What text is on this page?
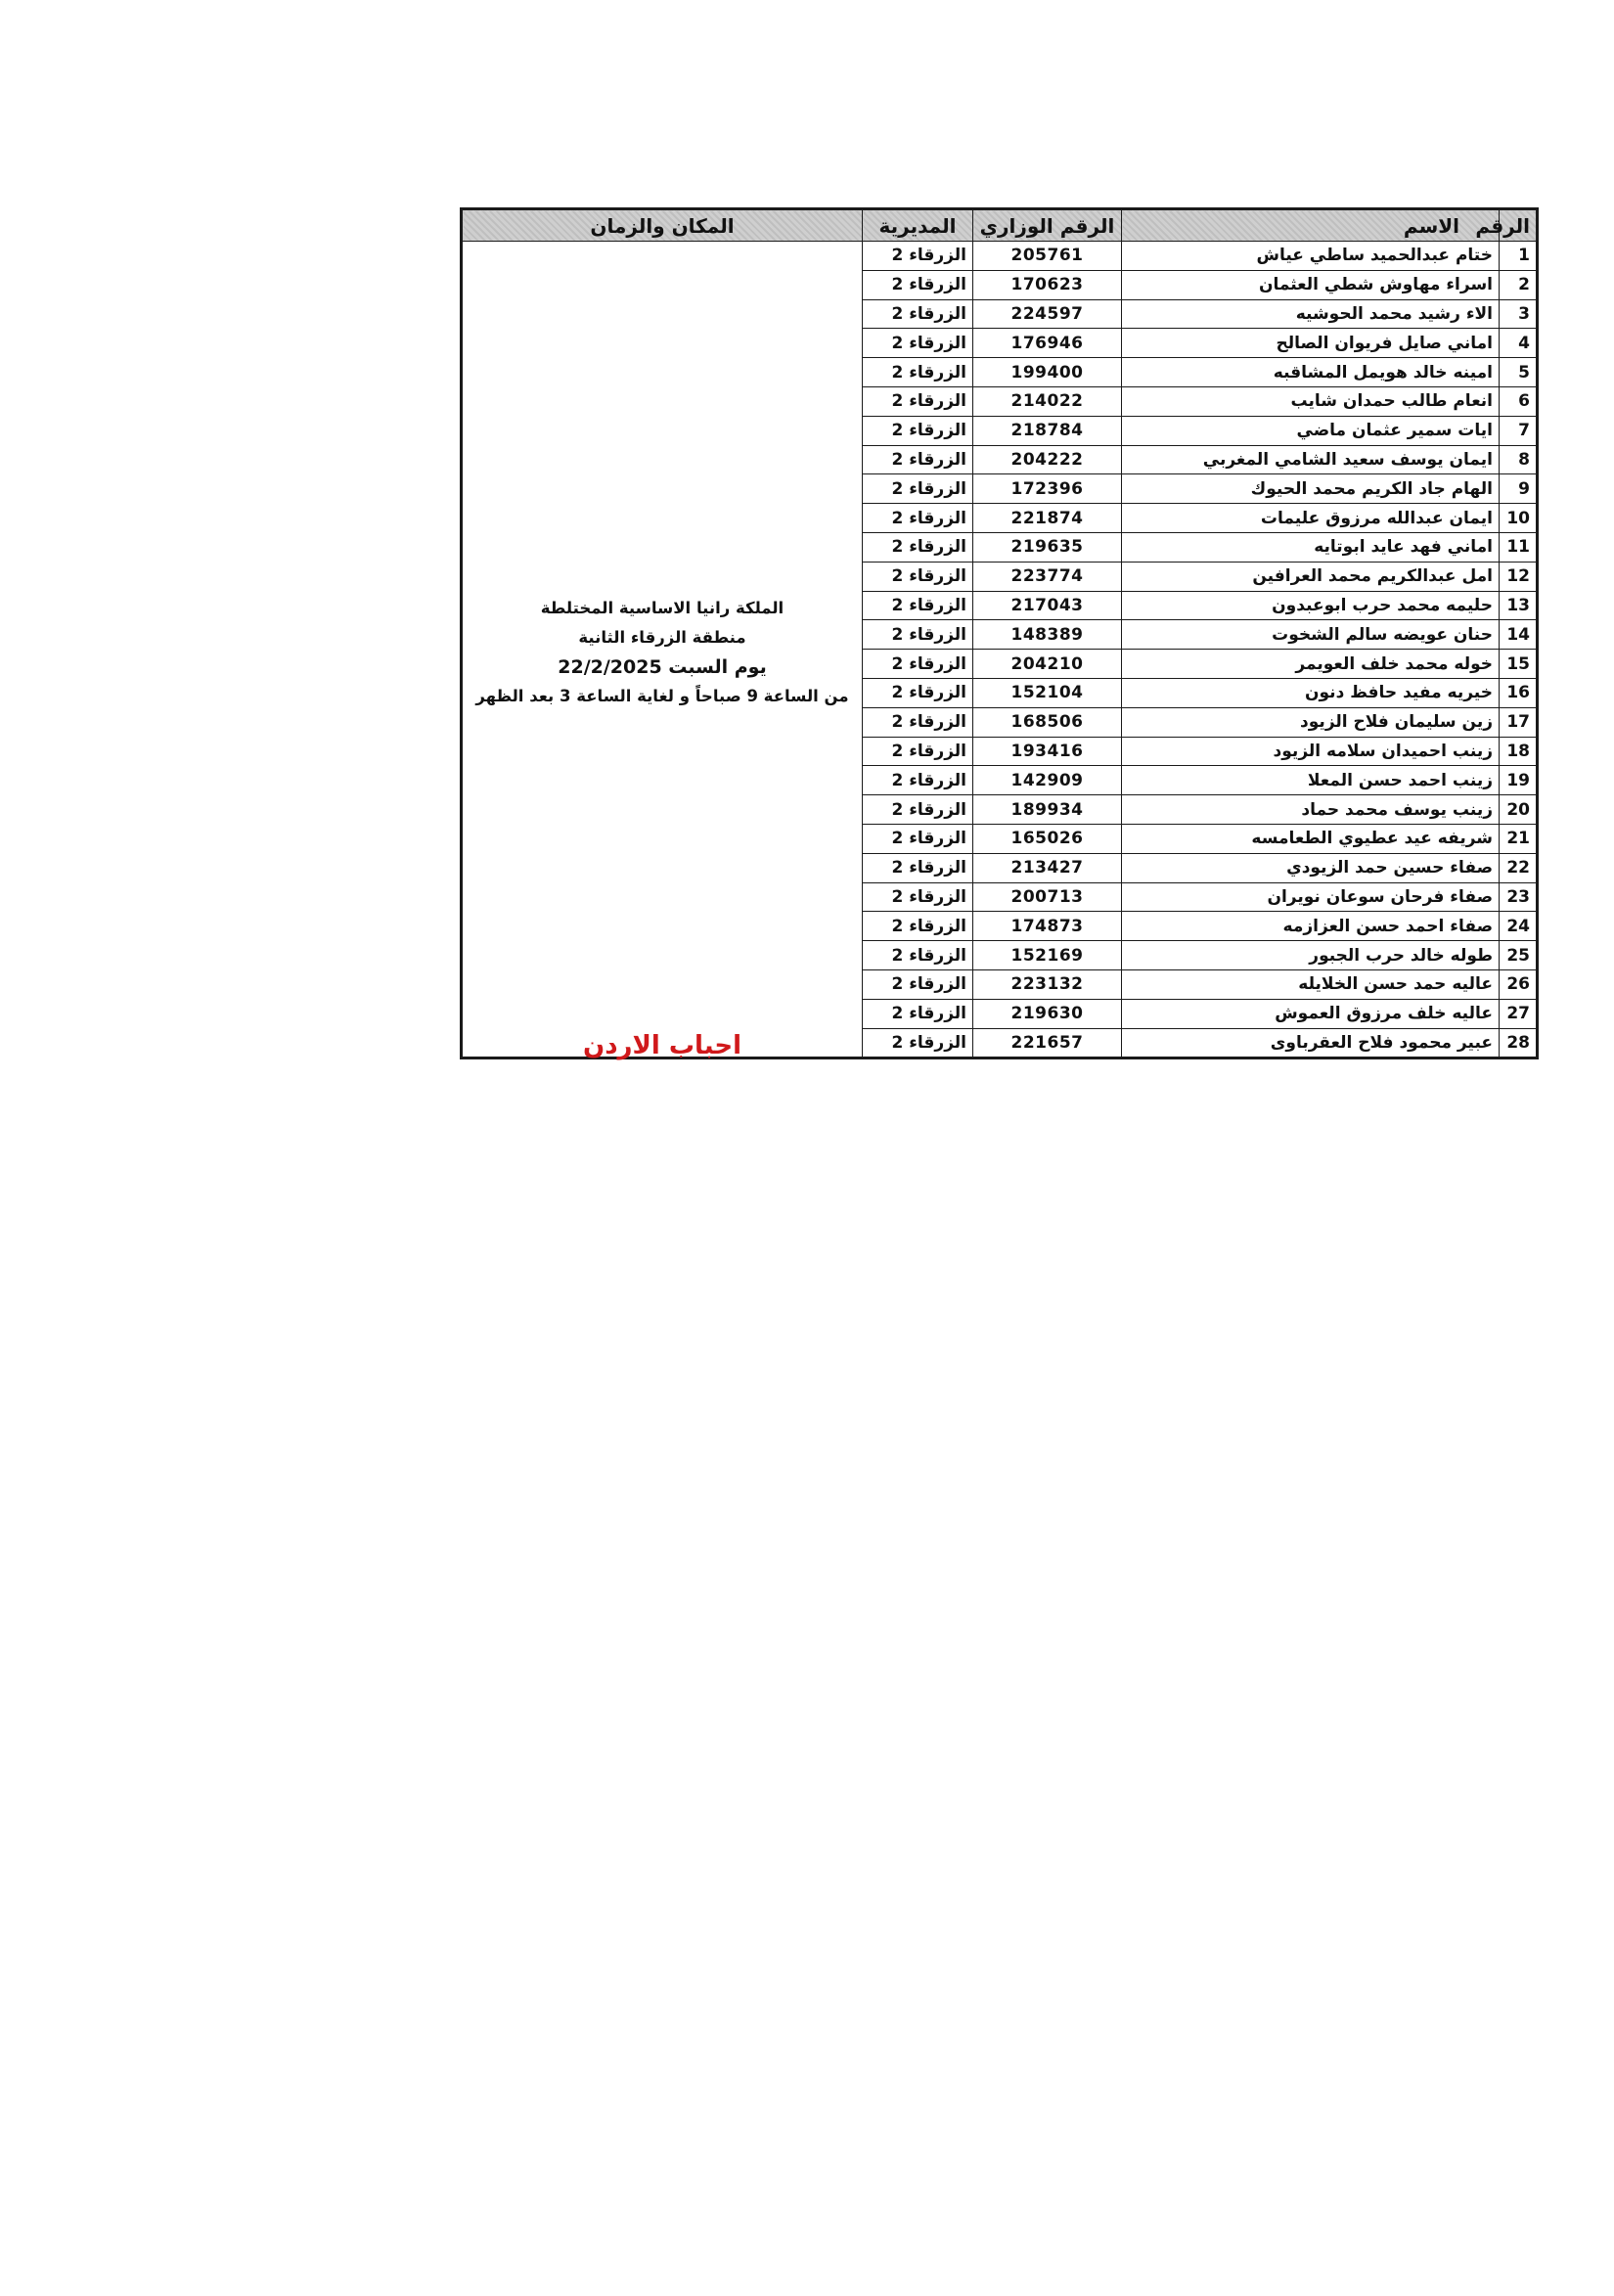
الرقم	الاسم	الرقم الوزاري	المديرية	المكان والزمان
1	ختام عبدالحميد ساطي عياش	205761	الزرقاء 2	الملكة رانيا الاساسية المختلطة
منطقة الزرقاء الثانية
يوم السبت 22/2/2025
من الساعة 9 صباحاً و لغاية الساعة 3 بعد الظهر
احباب الاردن

2	اسراء مهاوش شطي العثمان	170623	الزرقاء 2	
3	الاء رشيد محمد الحوشيه	224597	الزرقاء 2	
4	اماني صايل فريوان الصالح	176946	الزرقاء 2	
5	امينه خالد هويمل المشاقبه	199400	الزرقاء 2	
6	انعام طالب حمدان شايب	214022	الزرقاء 2	
7	ايات سمير عثمان ماضي	218784	الزرقاء 2	
8	ايمان يوسف سعيد الشامي المغربي	204222	الزرقاء 2	
9	الهام جاد الكريم محمد الحيوك	172396	الزرقاء 2	
10	ايمان عبدالله مرزوق عليمات	221874	الزرقاء 2	
11	اماني فهد عايد ابوتايه	219635	الزرقاء 2	
12	امل عبدالكريم محمد العرافين	223774	الزرقاء 2	
13	حليمه محمد حرب ابوعبدون	217043	الزرقاء 2	
14	حنان عويضه سالم الشخوت	148389	الزرقاء 2	
15	خوله محمد خلف العويمر	204210	الزرقاء 2	
16	خيريه مفيد حافظ دنون	152104	الزرقاء 2	
17	زين سليمان فلاح الزيود	168506	الزرقاء 2	
18	زينب احميدان سلامه الزيود	193416	الزرقاء 2	
19	زينب احمد حسن المعلا	142909	الزرقاء 2	
20	زينب يوسف محمد حماد	189934	الزرقاء 2	
21	شريفه عيد عطيوي الطعامسه	165026	الزرقاء 2	
22	صفاء حسين حمد الزيودي	213427	الزرقاء 2	
23	صفاء فرحان سوعان نويران	200713	الزرقاء 2	
24	صفاء احمد حسن العزازمه	174873	الزرقاء 2	
25	طوله خالد حرب الجبور	152169	الزرقاء 2	
26	عاليه حمد حسن الخلايله	223132	الزرقاء 2	
27	عاليه خلف مرزوق العموش	219630	الزرقاء 2	
28	عبير محمود فلاح العقرباوى	221657	الزرقاء 2	
